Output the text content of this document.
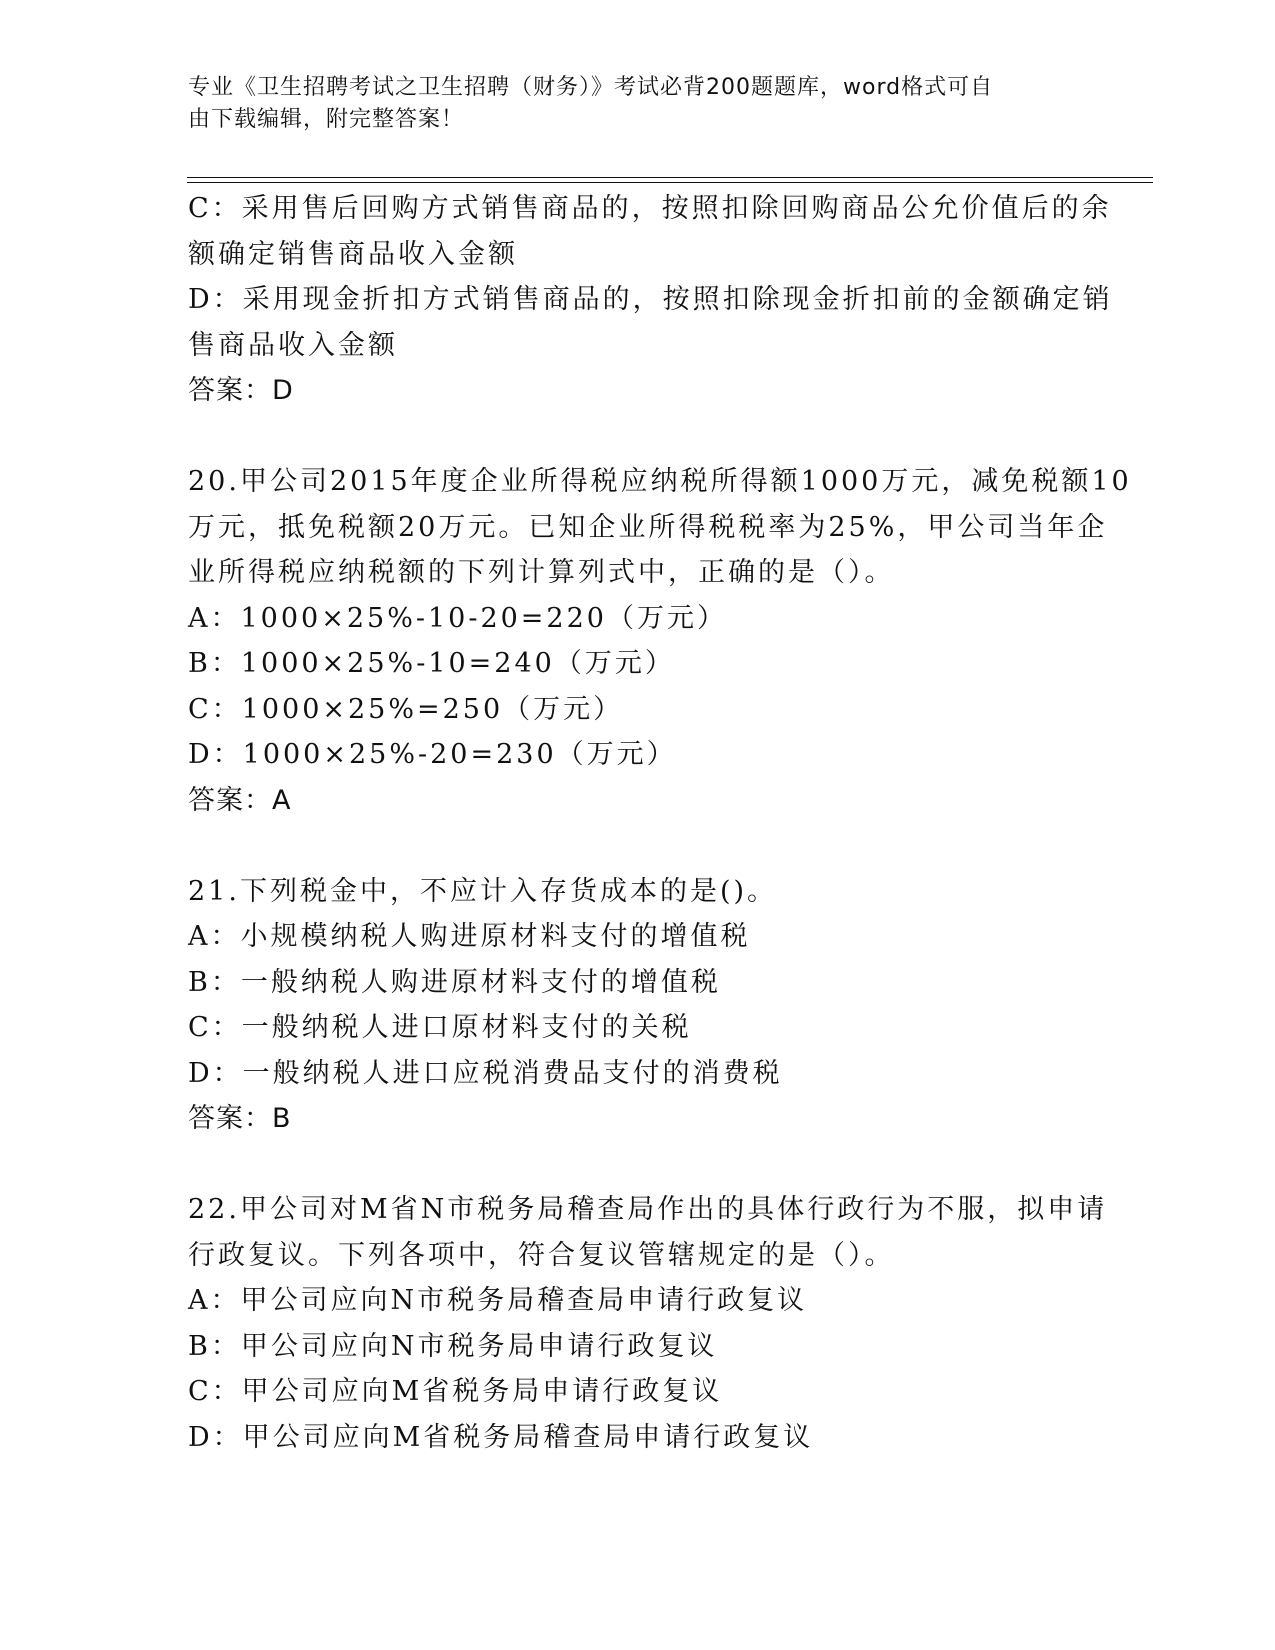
专业《卫生招聘考试之卫生招聘（财务）》考试必背200题题库，word格式可自
由下载编辑，附完整答案！
C：采用售后回购方式销售商品的，按照扣除回购商品公允价值后的余
额确定销售商品收入金额
D：采用现金折扣方式销售商品的，按照扣除现金折扣前的金额确定销
售商品收入金额
答案：D
20.甲公司2015年度企业所得税应纳税所得额1000万元，减免税额10
万元，抵免税额20万元。已知企业所得税税率为25%，甲公司当年企
业所得税应纳税额的下列计算列式中，正确的是（）。
A：1000×25%-10-20=220（万元）
B：1000×25%-10=240（万元）
C：1000×25%=250（万元）
D：1000×25%-20=230（万元）
答案：A
21.下列税金中，不应计入存货成本的是()。
A：小规模纳税人购进原材料支付的增值税
B：一般纳税人购进原材料支付的增值税
C：一般纳税人进口原材料支付的关税
D：一般纳税人进口应税消费品支付的消费税
答案：B
22.甲公司对M省N市税务局稽查局作出的具体行政行为不服，拟申请
行政复议。下列各项中，符合复议管辖规定的是（）。
A：甲公司应向N市税务局稽查局申请行政复议
B：甲公司应向N市税务局申请行政复议
C：甲公司应向M省税务局申请行政复议
D：甲公司应向M省税务局稽查局申请行政复议
